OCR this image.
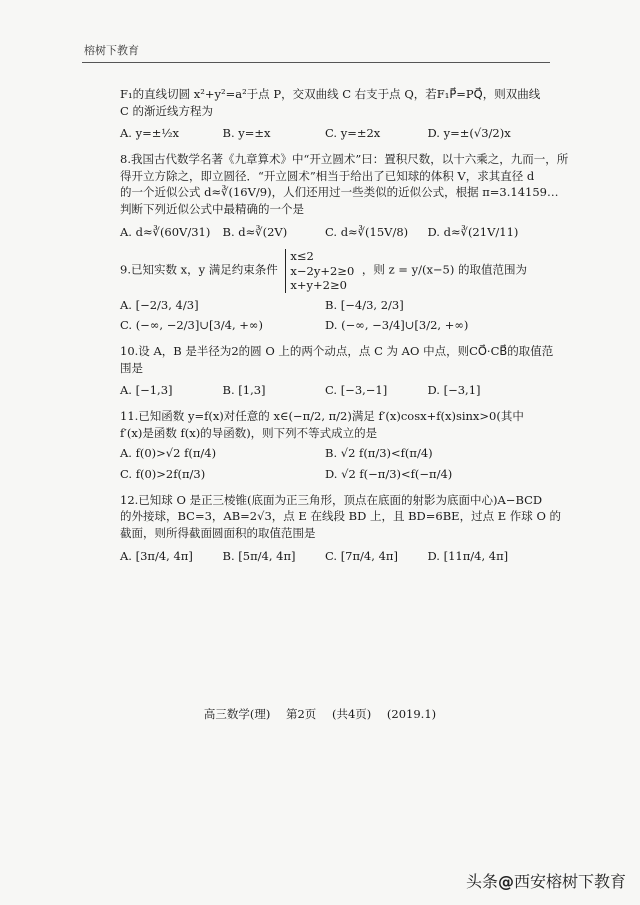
榕树下教育
F₁的直线切圆 x²+y²=a²于点 P，交双曲线 C 右支于点 Q，若F₁P⃗=PQ⃗，则双曲线
C 的渐近线方程为
A. y=±½x	B. y=±x	C. y=±2x	D. y=±(√3/2)x
8.我国古代数学名著《九章算术》中“开立圆术”曰：置积尺数，以十六乘之，九而一，所
得开立方除之，即立圆径．“开立圆术”相当于给出了已知球的体积 V，求其直径 d
的一个近似公式 d≈∛(16V/9)，人们还用过一些类似的近似公式，根据 π=3.14159…
判断下列近似公式中最精确的一个是
A. d≈∛(60V/31)	B. d≈∛(2V)	C. d≈∛(15V/8)	D. d≈∛(21V/11)
9.已知实数 x，y 满足约束条件
x≤2
x−2y+2≥0
x+y+2≥0
，则 z = y/(x−5) 的取值范围为
A. [−2/3, 4/3]	B. [−4/3, 2/3]
C. (−∞, −2/3]∪[3/4, +∞)	D. (−∞, −3/4]∪[3/2, +∞)
10.设 A，B 是半径为2的圆 O 上的两个动点，点 C 为 AO 中点，则CO⃗·CB⃗的取值范
围是
A. [−1,3]	B. [1,3]	C. [−3,−1]	D. [−3,1]
11.已知函数 y=f(x)对任意的 x∈(−π/2, π/2)满足 f′(x)cosx+f(x)sinx>0(其中
f′(x)是函数 f(x)的导函数)，则下列不等式成立的是
A. f(0)>√2 f(π/4)	B. √2 f(π/3)<f(π/4)
C. f(0)>2f(π/3)	D. √2 f(−π/3)<f(−π/4)
12.已知球 O 是正三棱锥(底面为正三角形，顶点在底面的射影为底面中心)A−BCD
的外接球，BC=3，AB=2√3，点 E 在线段 BD 上，且 BD=6BE，过点 E 作球 O 的
截面，则所得截面圆面积的取值范围是
A. [3π/4, 4π]	B. [5π/4, 4π]	C. [7π/4, 4π]	D. [11π/4, 4π]
高三数学(理) 第2页 (共4页) (2019.1)
头条@西安榕树下教育
